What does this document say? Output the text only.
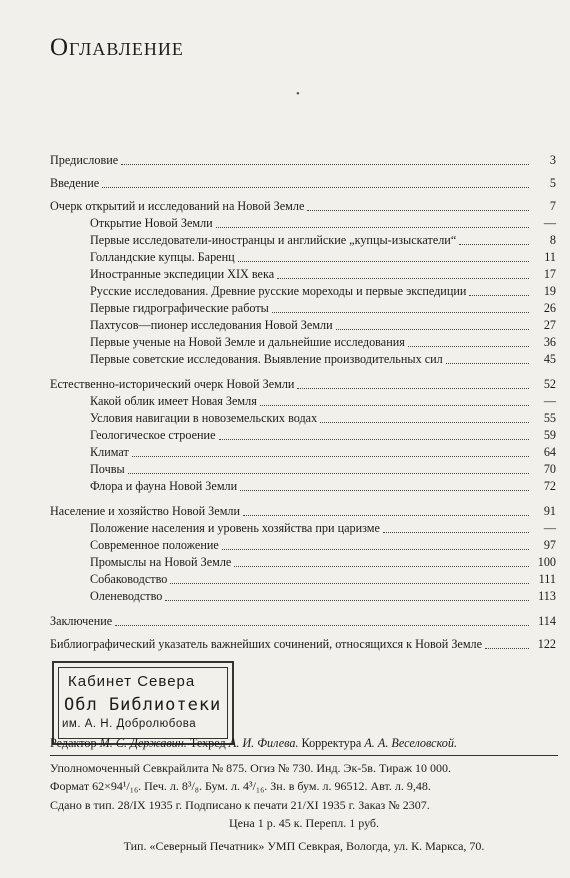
Оглавление
•
Предисловие	3
Введение	5
Очерк открытий и исследований на Новой Земле	7
Открытие Новой Земли	—
Первые исследователи-иностранцы и английские „купцы-изыскатели“	8
Голландские купцы. Баренц	11
Иностранные экспедиции XIX века	17
Русские исследования. Древние русские мореходы и первые экспедиции	19
Первые гидрографические работы	26
Пахтусов—пионер исследования Новой Земли	27
Первые ученые на Новой Земле и дальнейшие исследования	36
Первые советские исследования. Выявление производительных сил	45
Естественно-исторический очерк Новой Земли	52
Какой облик имеет Новая Земля	—
Условия навигации в новоземельских водах	55
Геологическое строение	59
Климат	64
Почвы	70
Флора и фауна Новой Земли	72
Население и хозяйство Новой Земли	91
Положение населения и уровень хозяйства при царизме	—
Современное положение	97
Промыслы на Новой Земле	100
Собаководство	111
Оленеводство	113
Заключение	114
Библиографический указатель важнейших сочинений, относящихся к Новой Земле	122
Кабинет Севера
Обл Библиотеки
им. А. Н. Добролюбова
Редактор М. С. Державин. Техред А. И. Филева. Корректура А. А. Веселовской.
Уполномоченный Севкрайлита № 875. Огиз № 730. Инд. Эк-5в. Тираж 10 000.
Формат 62×94¹/₁₆. Печ. л. 8³/₈. Бум. л. 4³/₁₆. Зн. в бум. л. 96512. Авт. л. 9,48.
Сдано в тип. 28/IX 1935 г. Подписано к печати 21/XI 1935 г. Заказ № 2307.
Цена 1 р. 45 к. Перепл. 1 руб.
Тип. «Северный Печатник» УМП Севкрая, Вологда, ул. К. Маркса, 70.
